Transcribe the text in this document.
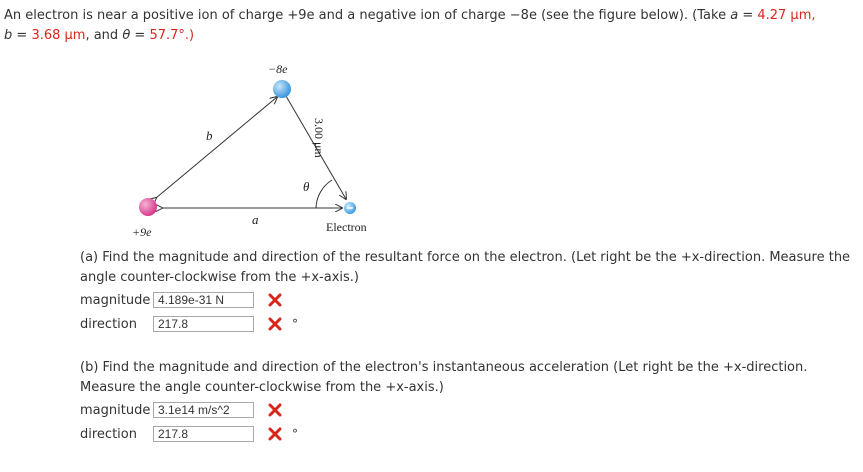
An electron is near a positive ion of charge +9e and a negative ion of charge −8e (see the figure below). (Take a = 4.27 μm,
b = 3.68 μm, and θ = 57.7°.)

−8e
+9e	Electron
b
a
θ
3.00 μm

(a) Find the magnitude and direction of the resultant force on the electron. (Let right be the +x-direction. Measure the angle counter-clockwise from the +x-axis.)

magnitude 4.189e-31 N
direction	217.8	°

(b) Find the magnitude and direction of the electron's instantaneous acceleration (Let right be the +x-direction. Measure the angle counter-clockwise from the +x-axis.)

magnitude 3.1e14 m/s^2
direction	217.8	°
